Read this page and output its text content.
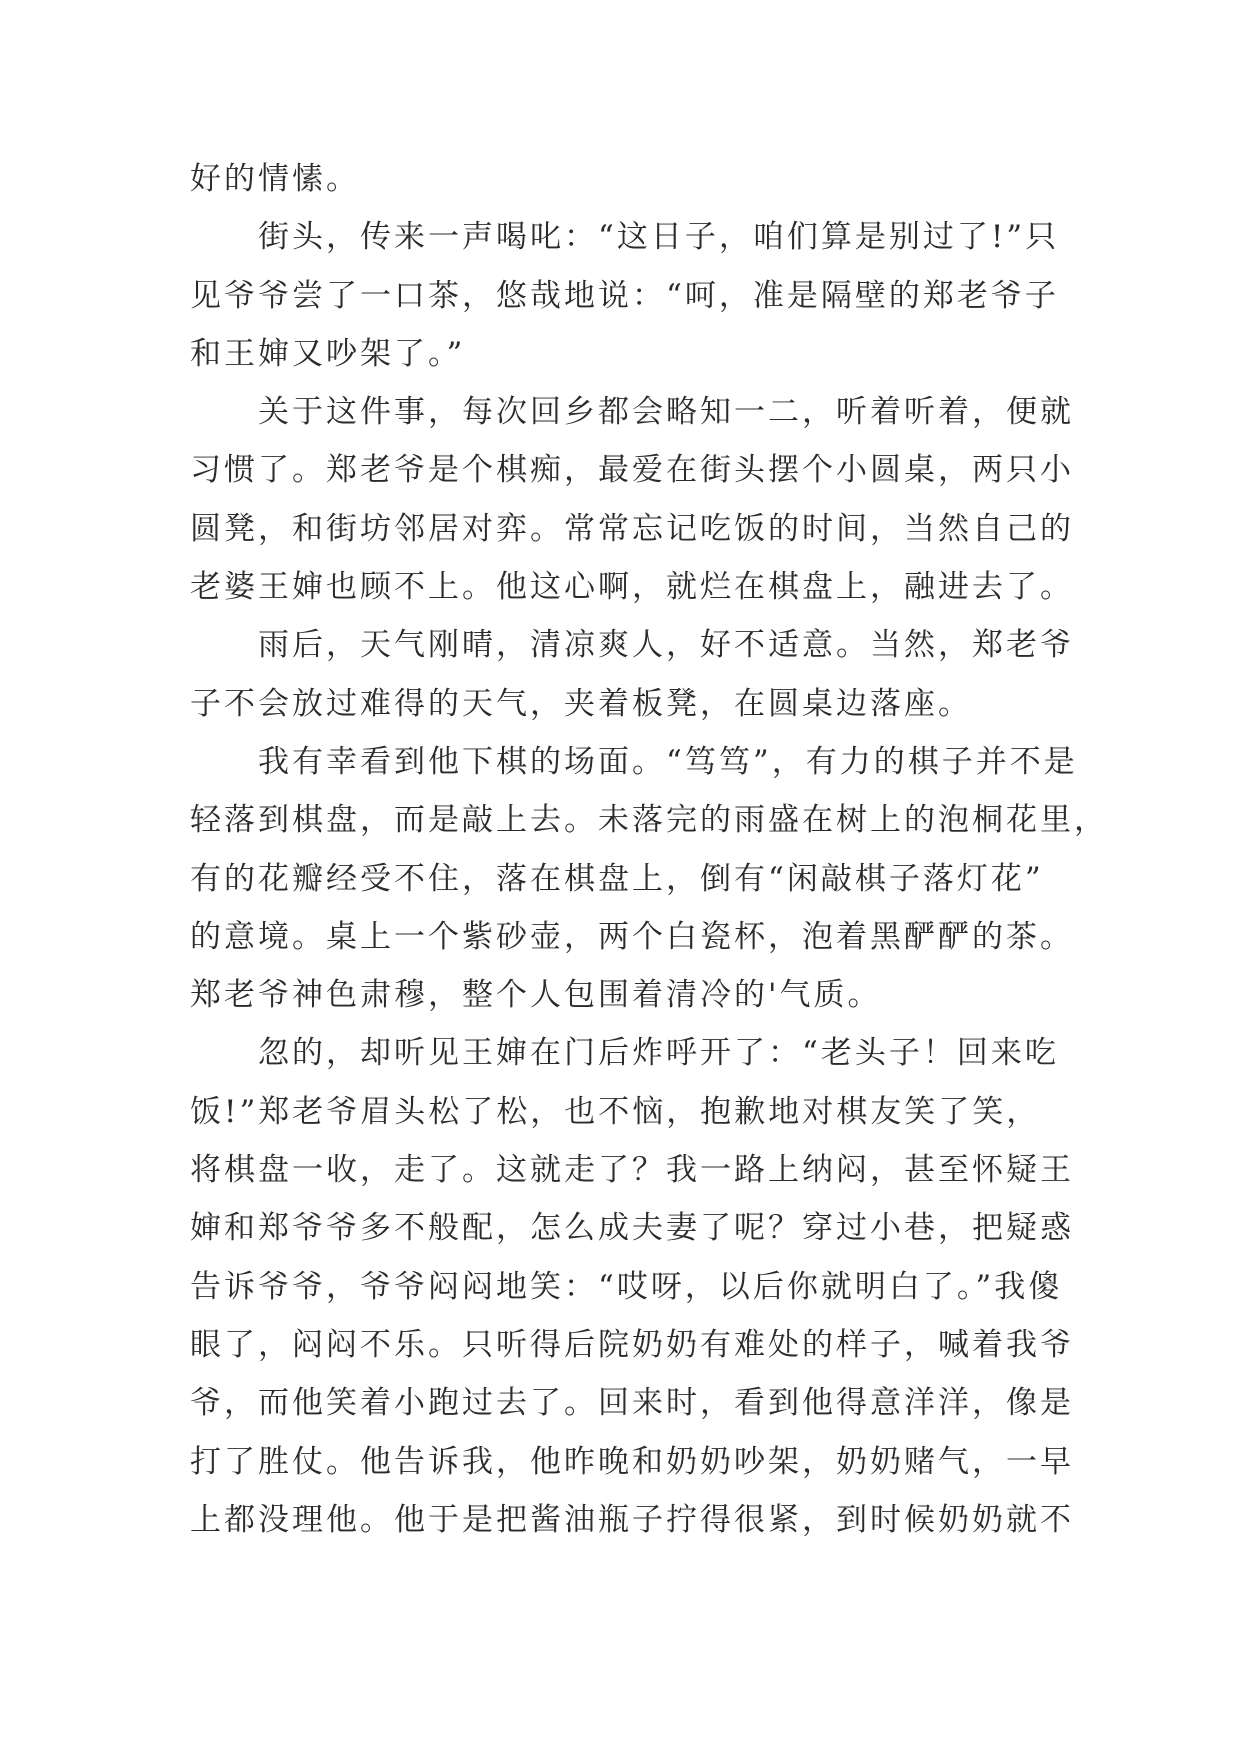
好的情愫。
街头，传来一声喝叱：“这日子，咱们算是别过了!”只
见爷爷尝了一口茶，悠哉地说：“呵，准是隔壁的郑老爷子
和王婶又吵架了。”
关于这件事，每次回乡都会略知一二，听着听着，便就
习惯了。郑老爷是个棋痴，最爱在街头摆个小圆桌，两只小
圆凳，和街坊邻居对弈。常常忘记吃饭的时间，当然自己的
老婆王婶也顾不上。他这心啊，就烂在棋盘上，融进去了。
雨后，天气刚晴，清凉爽人，好不适意。当然，郑老爷
子不会放过难得的天气，夹着板凳，在圆桌边落座。
我有幸看到他下棋的场面。“笃笃”，有力的棋子并不是
轻落到棋盘，而是敲上去。未落完的雨盛在树上的泡桐花里，
有的花瓣经受不住，落在棋盘上，倒有“闲敲棋子落灯花”
的意境。桌上一个紫砂壶，两个白瓷杯，泡着黑酽酽的茶。
郑老爷神色肃穆，整个人包围着清冷的'气质。
忽的，却听见王婶在门后炸呼开了：“老头子！回来吃
饭!”郑老爷眉头松了松，也不恼，抱歉地对棋友笑了笑，
将棋盘一收，走了。这就走了？我一路上纳闷，甚至怀疑王
婶和郑爷爷多不般配，怎么成夫妻了呢？穿过小巷，把疑惑
告诉爷爷，爷爷闷闷地笑：“哎呀，以后你就明白了。”我傻
眼了，闷闷不乐。只听得后院奶奶有难处的样子，喊着我爷
爷，而他笑着小跑过去了。回来时，看到他得意洋洋，像是
打了胜仗。他告诉我，他昨晚和奶奶吵架，奶奶赌气，一早
上都没理他。他于是把酱油瓶子拧得很紧，到时候奶奶就不
